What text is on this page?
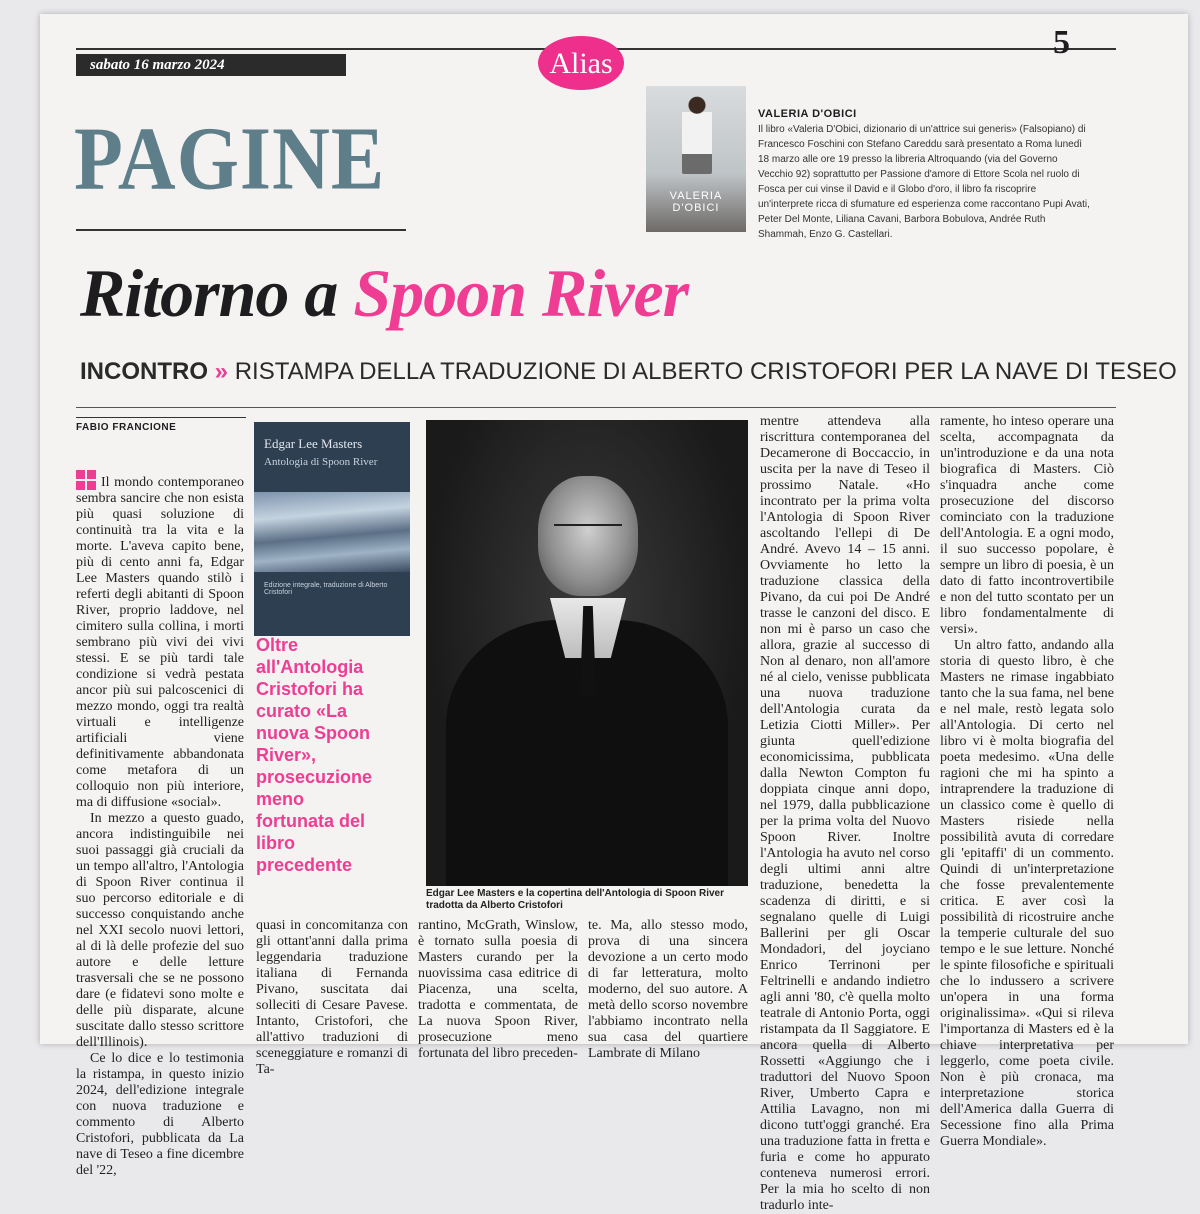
sabato 16 marzo 2024	Alias
5
PAGINE	VALERIA D'OBICI
VALERIA D'OBICI
Il libro «Valeria D'Obici, dizionario di un'attrice sui generis» (Falsopiano) di Francesco Foschini con Stefano Careddu sarà presentato a Roma lunedì 18 marzo alle ore 19 presso la libreria Altroquando (via del Governo Vecchio 92) soprattutto per Passione d'amore di Ettore Scola nel ruolo di Fosca per cui vinse il David e il Globo d'oro, il libro fa riscoprire un'interprete ricca di sfumature ed esperienza come raccontano Pupi Avati, Peter Del Monte, Liliana Cavani, Barbora Bobulova, Andrée Ruth Shammah, Enzo G. Castellari.
Ritorno a Spoon River
INCONTRO » RISTAMPA DELLA TRADUZIONE DI ALBERTO CRISTOFORI PER LA NAVE DI TESEO
FABIO FRANCIONE

Il mondo contemporaneo sembra sancire che non esista più quasi soluzione di continuità tra la vita e la morte. L'aveva capito bene, più di cento anni fa, Edgar Lee Masters quando stilò i referti degli abitanti di Spoon River, proprio laddove, nel cimitero sulla collina, i morti sembrano più vivi dei vivi stessi. E se più tardi tale condizione si vedrà pestata ancor più sui palcoscenici di mezzo mondo, oggi tra realtà virtuali e intelligenze artificiali viene definitivamente abbandonata come metafora di un colloquio non più interiore, ma di diffusione «social».

In mezzo a questo guado, ancora indistinguibile nei suoi passaggi già cruciali da un tempo all'altro, l'Antologia di Spoon River continua il suo percorso editoriale e di successo conquistando anche nel XXI secolo nuovi lettori, al di là delle profezie del suo autore e delle letture trasversali che se ne possono dare (e fidatevi sono molte e delle più disparate, alcune suscitate dallo stesso scrittore dell'Illinois).

Ce lo dice e lo testimonia la ristampa, in questo inizio 2024, dell'edizione integrale con nuova traduzione e commento di Alberto Cristofori, pubblicata da La nave di Teseo a fine dicembre del '22,

Edgar Lee Masters
Antologia di Spoon River
Edizione integrale, traduzione di Alberto Cristofori
Oltre all'Antologia Cristofori ha curato «La nuova Spoon River», prosecuzione meno fortunata del libro precedente
Edgar Lee Masters e la copertina dell'Antologia di Spoon River tradotta da Alberto Cristofori

quasi in concomitanza con gli ottant'anni dalla prima leggendaria traduzione italiana di Fernanda Pivano, suscitata dai solleciti di Cesare Pavese. Intanto, Cristofori, che all'attivo traduzioni di sceneggiature e romanzi di Ta-

rantino, McGrath, Winslow, è tornato sulla poesia di Masters curando per la nuovissima casa editrice di Piacenza, una scelta, tradotta e commentata, de La nuova Spoon River, prosecuzione meno fortunata del libro preceden-

te. Ma, allo stesso modo, prova di una sincera devozione a un certo modo di far letteratura, molto moderno, del suo autore. A metà dello scorso novembre l'abbiamo incontrato nella sua casa del quartiere Lambrate di Milano

mentre attendeva alla riscrittura contemporanea del Decamerone di Boccaccio, in uscita per la nave di Teseo il prossimo Natale. «Ho incontrato per la prima volta l'Antologia di Spoon River ascoltando l'ellepi di De André. Avevo 14 – 15 anni. Ovviamente ho letto la traduzione classica della Pivano, da cui poi De André trasse le canzoni del disco. E non mi è parso un caso che allora, grazie al successo di Non al denaro, non all'amore né al cielo, venisse pubblicata una nuova traduzione dell'Antologia curata da Letizia Ciotti Miller». Per giunta quell'edizione economicissima, pubblicata dalla Newton Compton fu doppiata cinque anni dopo, nel 1979, dalla pubblicazione per la prima volta del Nuovo Spoon River. Inoltre l'Antologia ha avuto nel corso degli ultimi anni altre traduzione, benedetta la scadenza di diritti, e si segnalano quelle di Luigi Ballerini per gli Oscar Mondadori, del joyciano Enrico Terrinoni per Feltrinelli e andando indietro agli anni '80, c'è quella molto teatrale di Antonio Porta, oggi ristampata da Il Saggiatore. E ancora quella di Alberto Rossetti «Aggiungo che i traduttori del Nuovo Spoon River, Umberto Capra e Attilia Lavagno, non mi dicono tutt'oggi granché. Era una traduzione fatta in fretta e furia e come ho appurato conteneva numerosi errori. Per la mia ho scelto di non tradurlo inte-

ramente, ho inteso operare una scelta, accompagnata da un'introduzione e da una nota biografica di Masters. Ciò s'inquadra anche come prosecuzione del discorso cominciato con la traduzione dell'Antologia. E a ogni modo, il suo successo popolare, è sempre un libro di poesia, è un dato di fatto incontrovertibile e non del tutto scontato per un libro fondamentalmente di versi».

Un altro fatto, andando alla storia di questo libro, è che Masters ne rimase ingabbiato tanto che la sua fama, nel bene e nel male, restò legata solo all'Antologia. Di certo nel libro vi è molta biografia del poeta medesimo. «Una delle ragioni che mi ha spinto a intraprendere la traduzione di un classico come è quello di Masters risiede nella possibilità avuta di corredare gli 'epitaffi' di un commento. Quindi di un'interpretazione che fosse prevalentemente critica. E aver così la possibilità di ricostruire anche la temperie culturale del suo tempo e le sue letture. Nonché le spinte filosofiche e spirituali che lo indussero a scrivere un'opera in una forma originalissima». «Qui si rileva l'importanza di Masters ed è la chiave interpretativa per leggerlo, come poeta civile. Non è più cronaca, ma interpretazione storica dell'America dalla Guerra di Secessione fino alla Prima Guerra Mondiale».
